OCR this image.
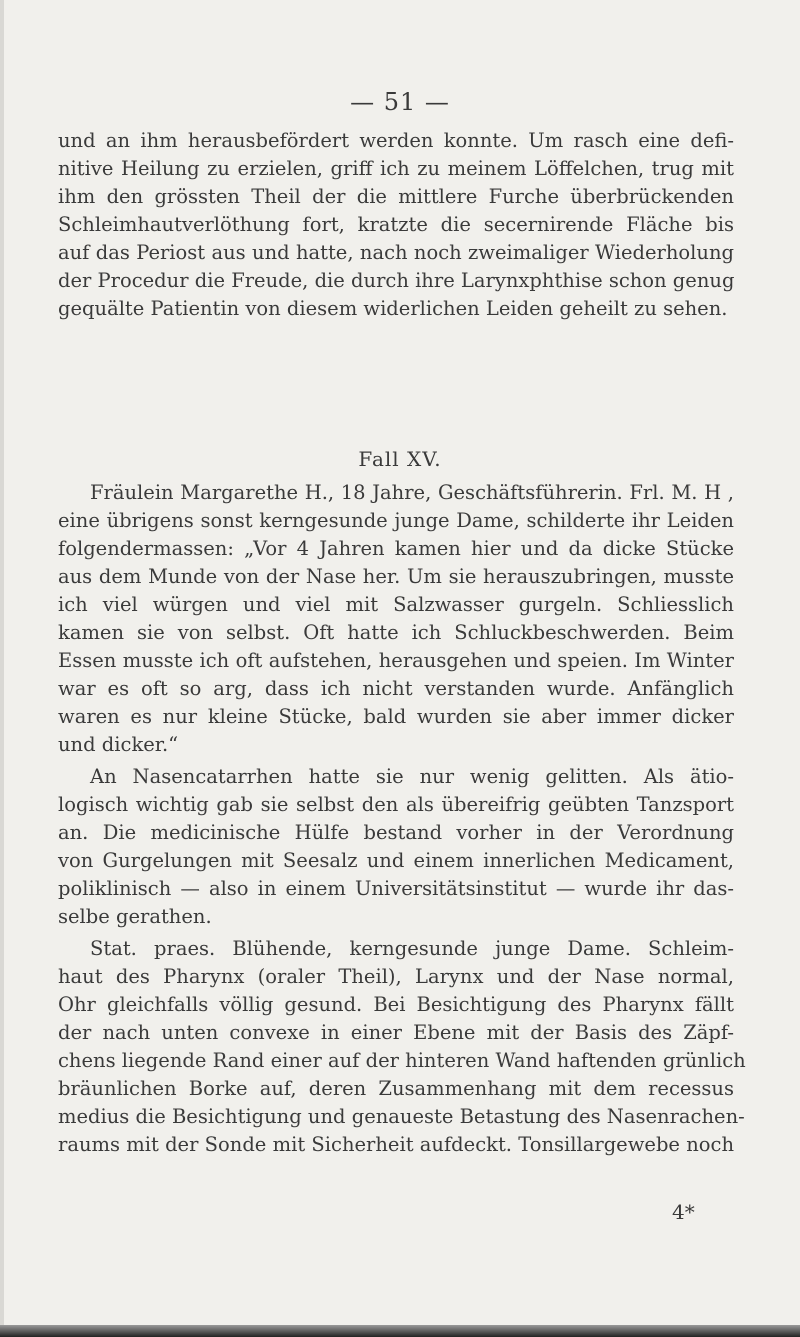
— 51 —
und an ihm herausbefördert werden konnte. Um rasch eine defi-
nitive Heilung zu erzielen, griff ich zu meinem Löffelchen, trug mit
ihm den grössten Theil der die mittlere Furche überbrückenden
Schleimhautverlöthung fort, kratzte die secernirende Fläche bis
auf das Periost aus und hatte, nach noch zweimaliger Wiederholung
der Procedur die Freude, die durch ihre Larynxphthise schon genug
gequälte Patientin von diesem widerlichen Leiden geheilt zu sehen.
Fall XV.
Fräulein Margarethe H., 18 Jahre, Geschäftsführerin. Frl. M. H ,
eine übrigens sonst kerngesunde junge Dame, schilderte ihr Leiden
folgendermassen: „Vor 4 Jahren kamen hier und da dicke Stücke
aus dem Munde von der Nase her. Um sie herauszubringen, musste
ich viel würgen und viel mit Salzwasser gurgeln. Schliesslich
kamen sie von selbst. Oft hatte ich Schluckbeschwerden. Beim
Essen musste ich oft aufstehen, herausgehen und speien. Im Winter
war es oft so arg, dass ich nicht verstanden wurde. Anfänglich
waren es nur kleine Stücke, bald wurden sie aber immer dicker
und dicker.“
An Nasencatarrhen hatte sie nur wenig gelitten. Als ätio-
logisch wichtig gab sie selbst den als übereifrig geübten Tanzsport
an. Die medicinische Hülfe bestand vorher in der Verordnung
von Gurgelungen mit Seesalz und einem innerlichen Medicament,
poliklinisch — also in einem Universitätsinstitut — wurde ihr das-
selbe gerathen.
Stat. praes. Blühende, kerngesunde junge Dame. Schleim-
haut des Pharynx (oraler Theil), Larynx und der Nase normal,
Ohr gleichfalls völlig gesund. Bei Besichtigung des Pharynx fällt
der nach unten convexe in einer Ebene mit der Basis des Zäpf-
chens liegende Rand einer auf der hinteren Wand haftenden grünlich
bräunlichen Borke auf, deren Zusammenhang mit dem recessus
medius die Besichtigung und genaueste Betastung des Nasenrachen-
raums mit der Sonde mit Sicherheit aufdeckt. Tonsillargewebe noch
4*
